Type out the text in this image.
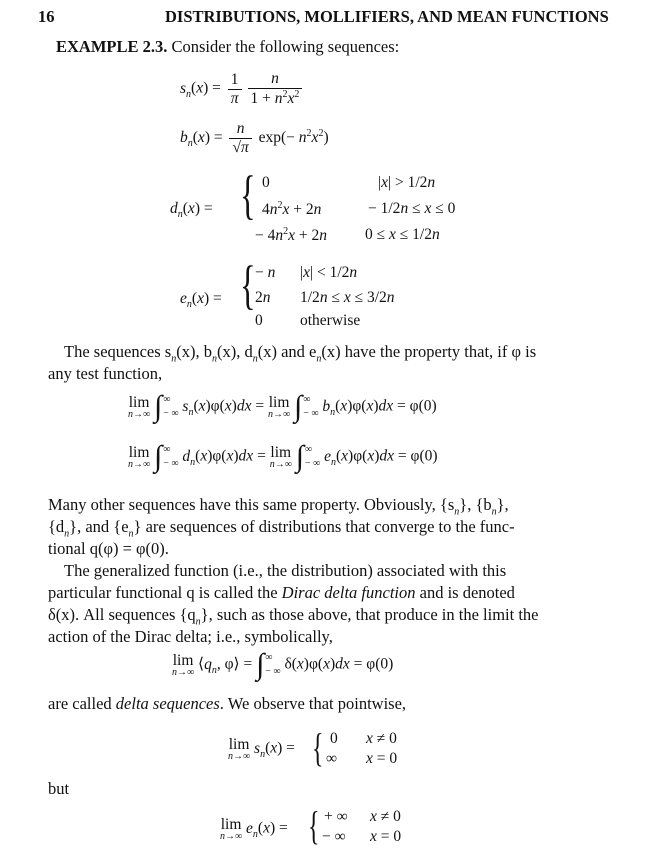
16	DISTRIBUTIONS, MOLLIFIERS, AND MEAN FUNCTIONS
EXAMPLE 2.3. Consider the following sequences:
$s_n(x) = \frac{1}{\pi} \frac{n}{1 + n^2x^2}$
$b_n(x) = \frac{n}{√\pi} \exp(- n^2x^2)$
$d_n(x)$ = { 0
$4n^2x + 2n$
− $4n^2x + 2n$
|x| > 1/2n
− 1/2n ≤ x ≤ 0
0 ≤ x ≤ 1/2n
$e_n(x)$ = { − n
2n
0
|x| < 1/2n
1/2n ≤ x ≤ 3/2n
otherwise
The sequences $s_n(x)$, $b_n(x)$, $d_n(x)$ and $e_n(x)$ have the property that, if φ is
any test function,
lim
n→∞
∫ ∞
− ∞ $s_n(x)\varphi(x)dx = \lim$
n→∞
∫ ∞
− ∞ $b_n(x)\varphi(x)dx = \varphi(0)$
lim
n→∞
∫ ∞
− ∞ $d_n(x)\varphi(x)dx = \lim$
n→∞
∫ ∞
− ∞ $e_n(x)\varphi(x)dx = \varphi(0)$
Many other sequences have this same property. Obviously, $\{s_n\}$, $\{b_n\}$,
$\{d_n\}$, and $\{e_n\}$ are sequences of distributions that converge to the func-
tional q(φ) = φ(0).
The generalized function (i.e., the distribution) associated with this
particular functional q is called the Dirac delta function and is denoted
δ(x). All sequences $\{q_n\}$, such as those above, that produce in the limit the
action of the Dirac delta; i.e., symbolically,
lim
n→∞ $⟨q_n$, φ⟩ = ∫ ∞
− ∞ δ(x)φ(x)dx = φ(0)
are called delta sequences. We observe that pointwise,
lim
n→∞ $s_n(x)$ = { 0
∞
x ≠ 0
x = 0
but
lim
n→∞ $e_n(x)$ = { + ∞
− ∞
x ≠ 0
x = 0
